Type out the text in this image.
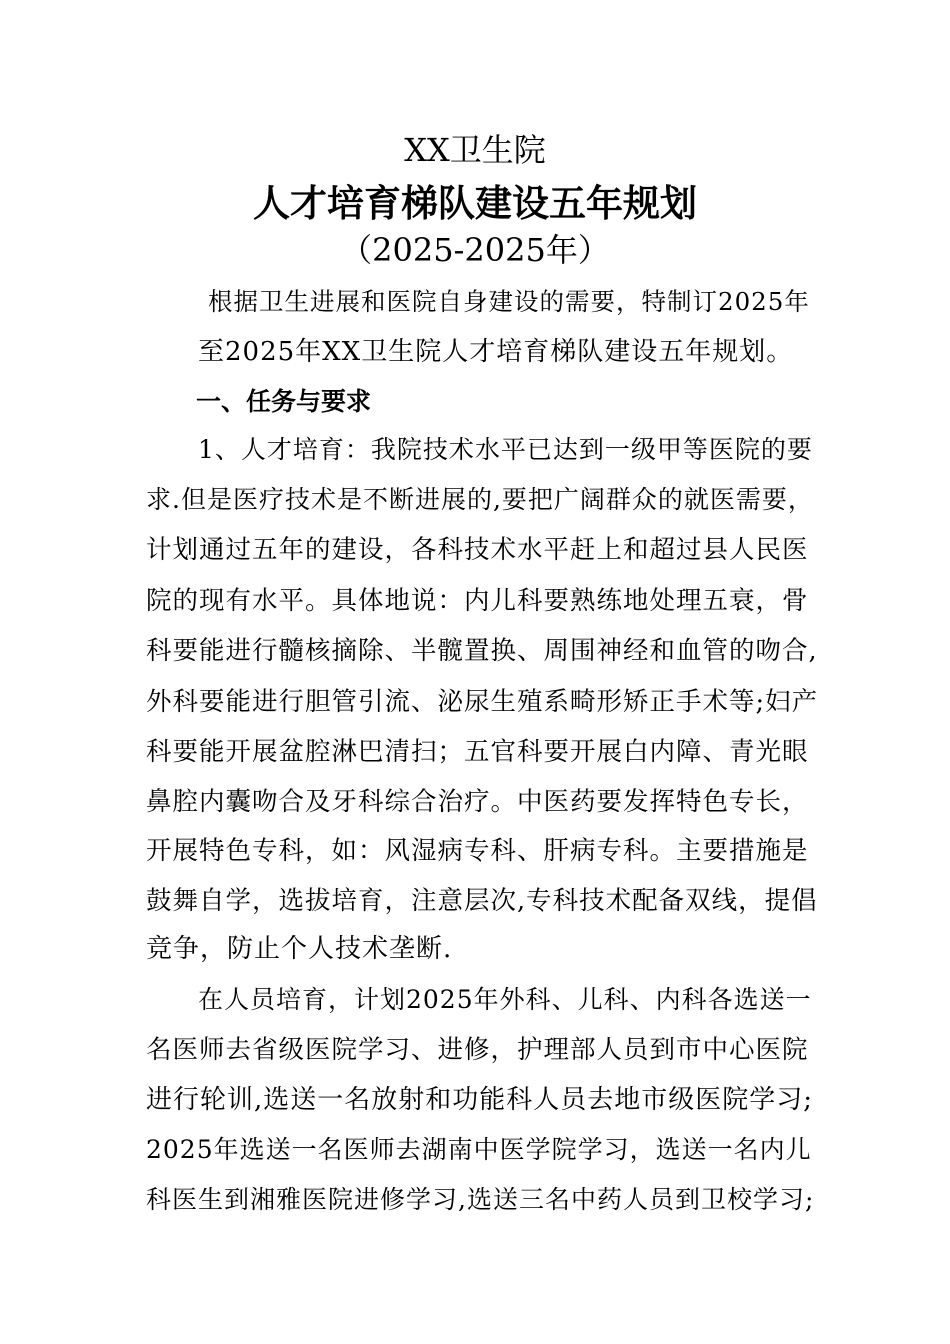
XX卫生院
人才培育梯队建设五年规划
（2025-2025年）
根据卫生进展和医院自身建设的需要，特制订2025年
至2025年XX卫生院人才培育梯队建设五年规划。
一、任务与要求
1、人才培育：我院技术水平已达到一级甲等医院的要
求.但是医疗技术是不断进展的,要把广阔群众的就医需要，
计划通过五年的建设，各科技术水平赶上和超过县人民医
院的现有水平。具体地说：内儿科要熟练地处理五衰，骨
科要能进行髓核摘除、半髋置换、周围神经和血管的吻合,
外科要能进行胆管引流、泌尿生殖系畸形矫正手术等;妇产
科要能开展盆腔淋巴清扫；五官科要开展白内障、青光眼
鼻腔内囊吻合及牙科综合治疗。中医药要发挥特色专长，
开展特色专科，如：风湿病专科、肝病专科。主要措施是
鼓舞自学，选拔培育，注意层次,专科技术配备双线，提倡
竞争，防止个人技术垄断.
在人员培育，计划2025年外科、儿科、内科各选送一
名医师去省级医院学习、进修，护理部人员到市中心医院
进行轮训,选送一名放射和功能科人员去地市级医院学习;
2025年选送一名医师去湖南中医学院学习，选送一名内儿
科医生到湘雅医院进修学习,选送三名中药人员到卫校学习;
